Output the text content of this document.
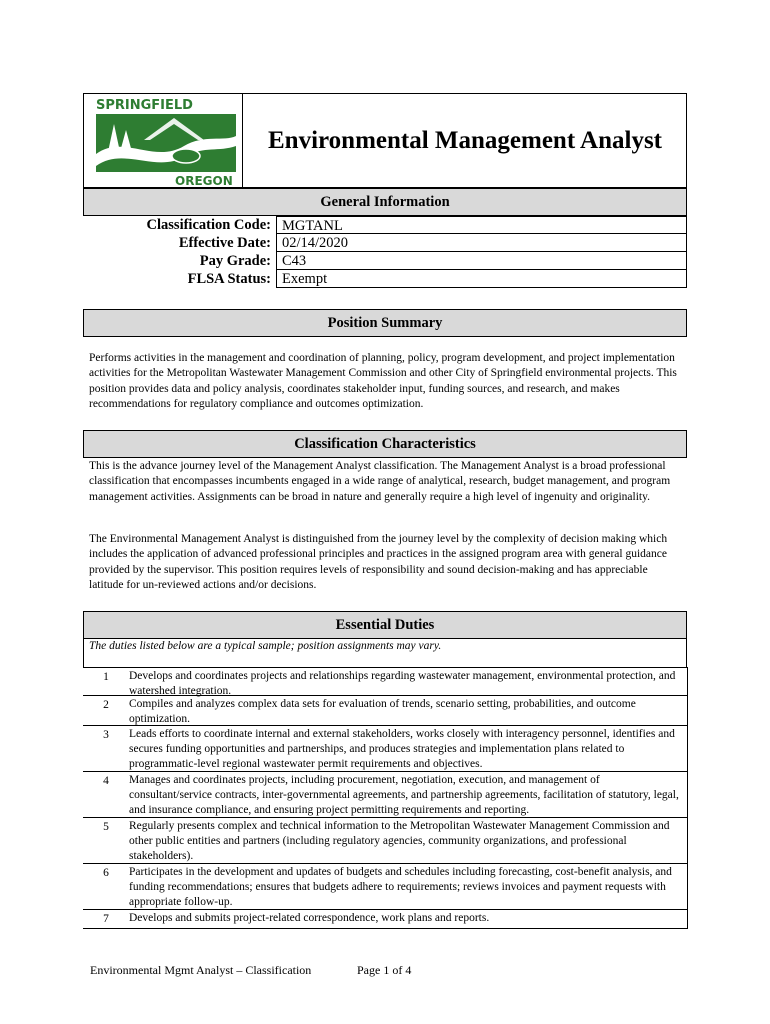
SPRINGFIELD
OREGON
Environmental Management Analyst
General Information
Classification Code: MGTANL
Effective Date: 02/14/2020
Pay Grade: C43
FLSA Status: Exempt
Position Summary
Performs activities in the management and coordination of planning, policy, program development, and project implementation activities for the Metropolitan Wastewater Management Commission and other City of Springfield environmental projects. This position provides data and policy analysis, coordinates stakeholder input, funding sources, and research, and makes recommendations for regulatory compliance and outcomes optimization.
Classification Characteristics
This is the advance journey level of the Management Analyst classification. The Management Analyst is a broad professional classification that encompasses incumbents engaged in a wide range of analytical, research, budget management, and program management activities. Assignments can be broad in nature and generally require a high level of ingenuity and originality.
The Environmental Management Analyst is distinguished from the journey level by the complexity of decision making which includes the application of advanced professional principles and practices in the assigned program area with general guidance provided by the supervisor. This position requires levels of responsibility and sound decision-making and has appreciable latitude for un-reviewed actions and/or decisions.
Essential Duties
The duties listed below are a typical sample; position assignments may vary.
1	Develops and coordinates projects and relationships regarding wastewater management, environmental protection, and watershed integration.
2	Compiles and analyzes complex data sets for evaluation of trends, scenario setting, probabilities, and outcome optimization.
3	Leads efforts to coordinate internal and external stakeholders, works closely with interagency personnel, identifies and secures funding opportunities and partnerships, and produces strategies and implementation plans related to programmatic-level regional wastewater permit requirements and objectives.
4	Manages and coordinates projects, including procurement, negotiation, execution, and management of consultant/service contracts, inter-governmental agreements, and partnership agreements, facilitation of statutory, legal, and insurance compliance, and ensuring project permitting requirements and reporting.
5	Regularly presents complex and technical information to the Metropolitan Wastewater Management Commission and other public entities and partners (including regulatory agencies, community organizations, and professional stakeholders).
6	Participates in the development and updates of budgets and schedules including forecasting, cost-benefit analysis, and funding recommendations; ensures that budgets adhere to requirements; reviews invoices and payment requests with appropriate follow-up.
7	Develops and submits project-related correspondence, work plans and reports.
Environmental Mgmt Analyst – Classification	Page 1 of 4
